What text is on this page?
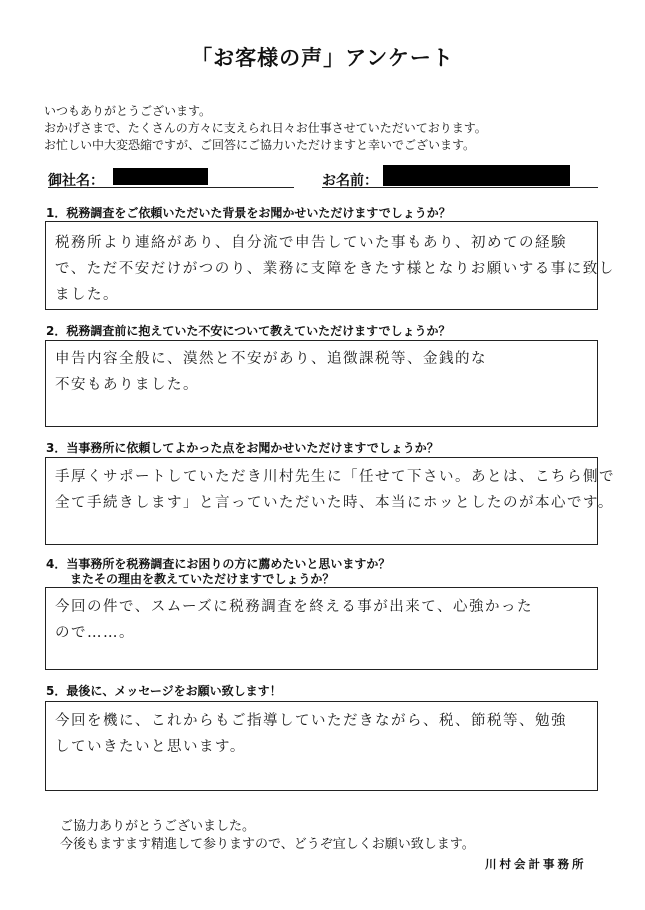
「お客様の声」アンケート
いつもありがとうございます。
おかげさまで、たくさんの方々に支えられ日々お仕事させていただいております。
お忙しい中大変恐縮ですが、ご回答にご協力いただけますと幸いでございます。
御社名：	お名前：
1．税務調査をご依頼いただいた背景をお聞かせいただけますでしょうか？
税務所より連絡があり、自分流で申告していた事もあり、初めての経験
で、ただ不安だけがつのり、業務に支障をきたす様となりお願いする事に致し
ました。
2．税務調査前に抱えていた不安について教えていただけますでしょうか？
申告内容全般に、漠然と不安があり、追徴課税等、金銭的な
不安もありました。
3．当事務所に依頼してよかった点をお聞かせいただけますでしょうか？
手厚くサポートしていただき川村先生に「任せて下さい。あとは、こちら側で
全て手続きします」と言っていただいた時、本当にホッとしたのが本心です。
4．当事務所を税務調査にお困りの方に薦めたいと思いますか？
またその理由を教えていただけますでしょうか？
今回の件で、スムーズに税務調査を終える事が出来て、心強かった
ので……。
5．最後に、メッセージをお願い致します！
今回を機に、これからもご指導していただきながら、税、節税等、勉強
していきたいと思います。
ご協力ありがとうございました。
今後もますます精進して参りますので、どうぞ宜しくお願い致します。
川村会計事務所
